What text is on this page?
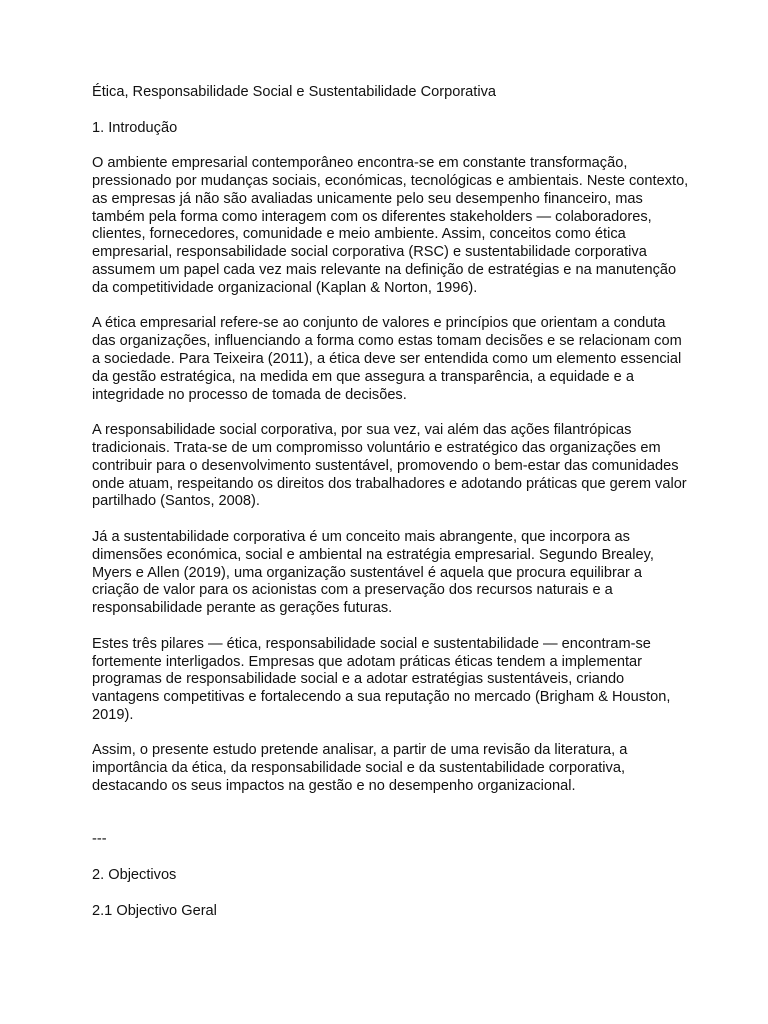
Ética, Responsabilidade Social e Sustentabilidade Corporativa

1. Introdução

O ambiente empresarial contemporâneo encontra-se em constante transformação,
pressionado por mudanças sociais, económicas, tecnológicas e ambientais. Neste contexto,
as empresas já não são avaliadas unicamente pelo seu desempenho financeiro, mas
também pela forma como interagem com os diferentes stakeholders — colaboradores,
clientes, fornecedores, comunidade e meio ambiente. Assim, conceitos como ética
empresarial, responsabilidade social corporativa (RSC) e sustentabilidade corporativa
assumem um papel cada vez mais relevante na definição de estratégias e na manutenção
da competitividade organizacional (Kaplan & Norton, 1996).

A ética empresarial refere-se ao conjunto de valores e princípios que orientam a conduta
das organizações, influenciando a forma como estas tomam decisões e se relacionam com
a sociedade. Para Teixeira (2011), a ética deve ser entendida como um elemento essencial
da gestão estratégica, na medida em que assegura a transparência, a equidade e a
integridade no processo de tomada de decisões.

A responsabilidade social corporativa, por sua vez, vai além das ações filantrópicas
tradicionais. Trata-se de um compromisso voluntário e estratégico das organizações em
contribuir para o desenvolvimento sustentável, promovendo o bem-estar das comunidades
onde atuam, respeitando os direitos dos trabalhadores e adotando práticas que gerem valor
partilhado (Santos, 2008).

Já a sustentabilidade corporativa é um conceito mais abrangente, que incorpora as
dimensões económica, social e ambiental na estratégia empresarial. Segundo Brealey,
Myers e Allen (2019), uma organização sustentável é aquela que procura equilibrar a
criação de valor para os acionistas com a preservação dos recursos naturais e a
responsabilidade perante as gerações futuras.

Estes três pilares — ética, responsabilidade social e sustentabilidade — encontram-se
fortemente interligados. Empresas que adotam práticas éticas tendem a implementar
programas de responsabilidade social e a adotar estratégias sustentáveis, criando
vantagens competitivas e fortalecendo a sua reputação no mercado (Brigham & Houston,
2019).

Assim, o presente estudo pretende analisar, a partir de uma revisão da literatura, a
importância da ética, da responsabilidade social e da sustentabilidade corporativa,
destacando os seus impactos na gestão e no desempenho organizacional.

---

2. Objectivos

2.1 Objectivo Geral
